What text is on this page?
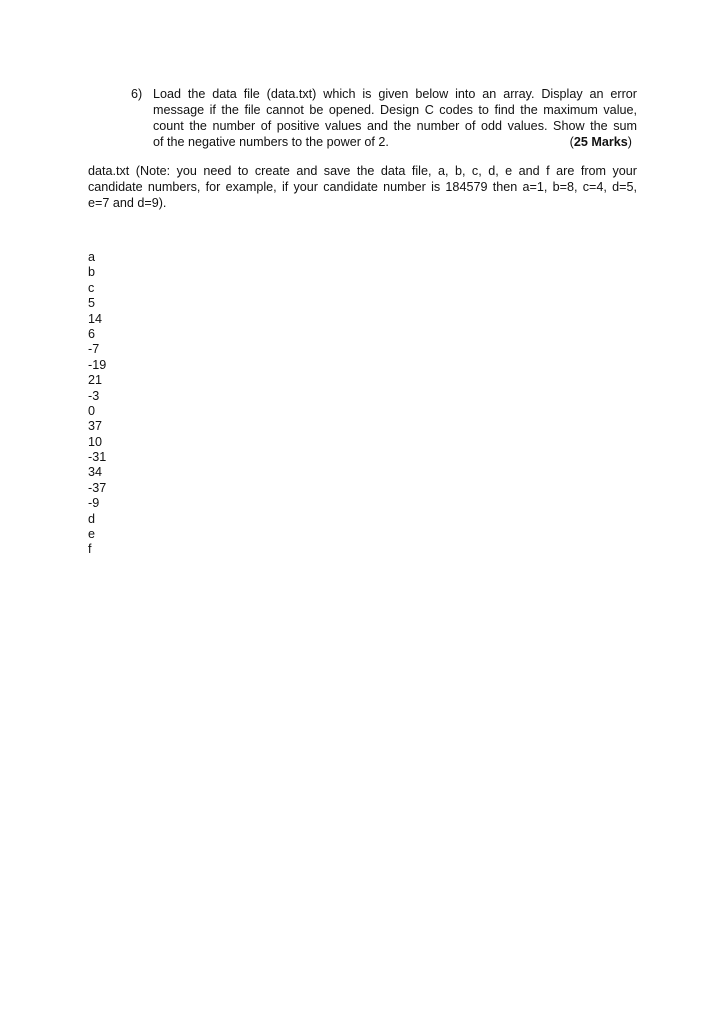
6) Load the data file (data.txt) which is given below into an array. Display an error
message if the file cannot be opened. Design C codes to find the maximum value,
count the number of positive values and the number of odd values. Show the sum
of the negative numbers to the power of 2.	(25 Marks)
data.txt (Note: you need to create and save the data file, a, b, c, d, e and f are from your
candidate numbers, for example, if your candidate number is 184579 then a=1, b=8, c=4, d=5,
e=7 and d=9).
a
b
c
5
14
6
-7
-19
21
-3
0
37
10
-31
34
-37
-9
d
e
f
